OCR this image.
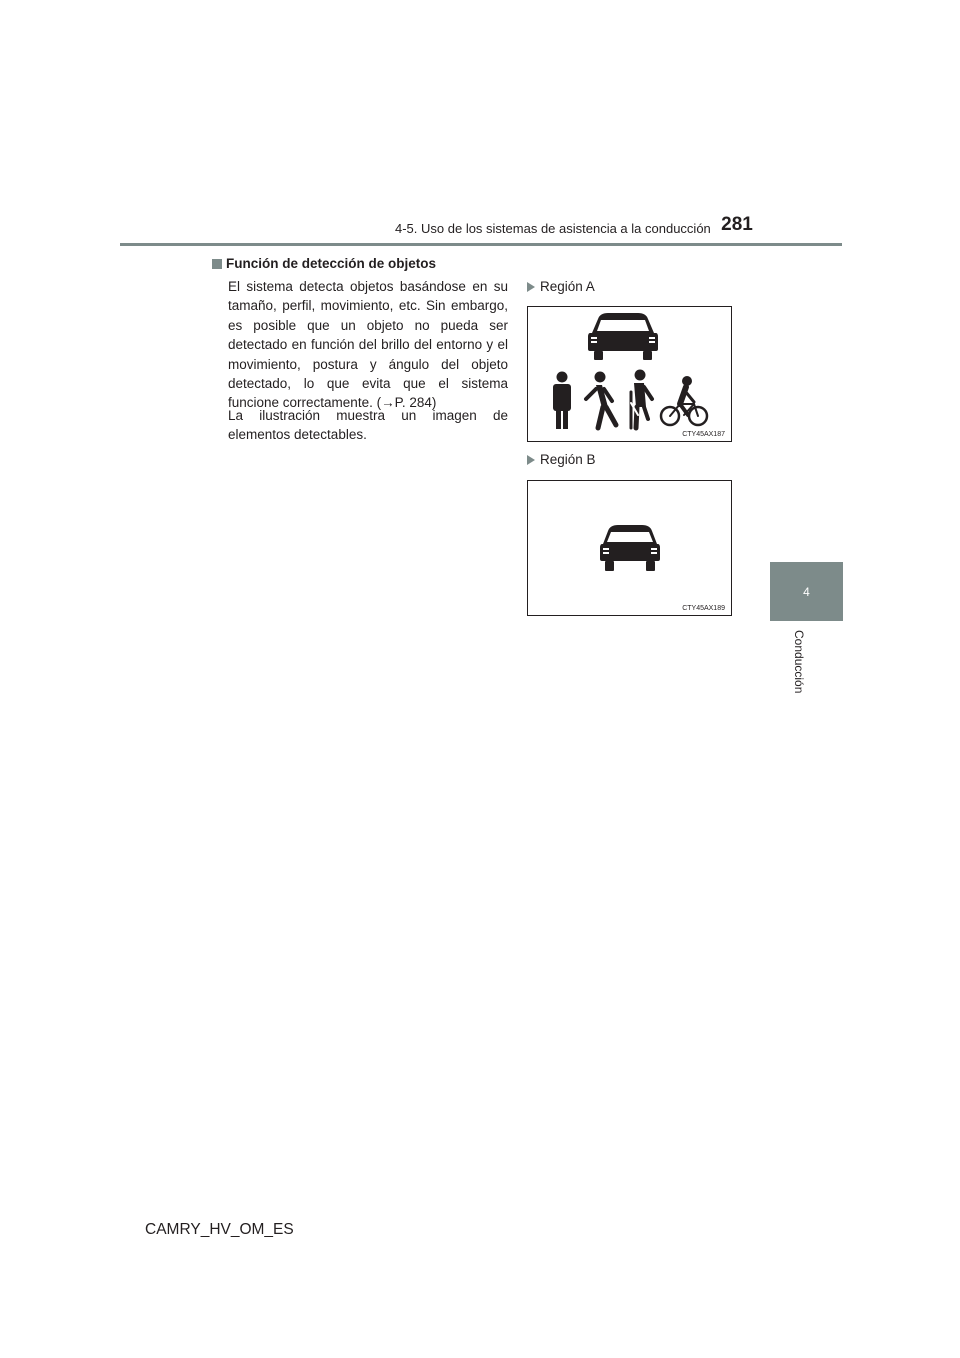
4-5. Uso de los sistemas de asistencia a la conducción 281
4
Conducción
Función de detección de objetos
El sistema detecta objetos basándose en su tamaño, perfil, movimiento, etc. Sin embargo, es posible que un objeto no pueda ser detectado en función del brillo del entorno y el movimiento, postura y ángulo del objeto detectado, lo que evita que el sistema funcione correctamente. (→P. 284)
La ilustración muestra un imagen de elementos detectables.
Región A
CTY45AX187
Región B
CTY45AX189
CAMRY_HV_OM_ES
